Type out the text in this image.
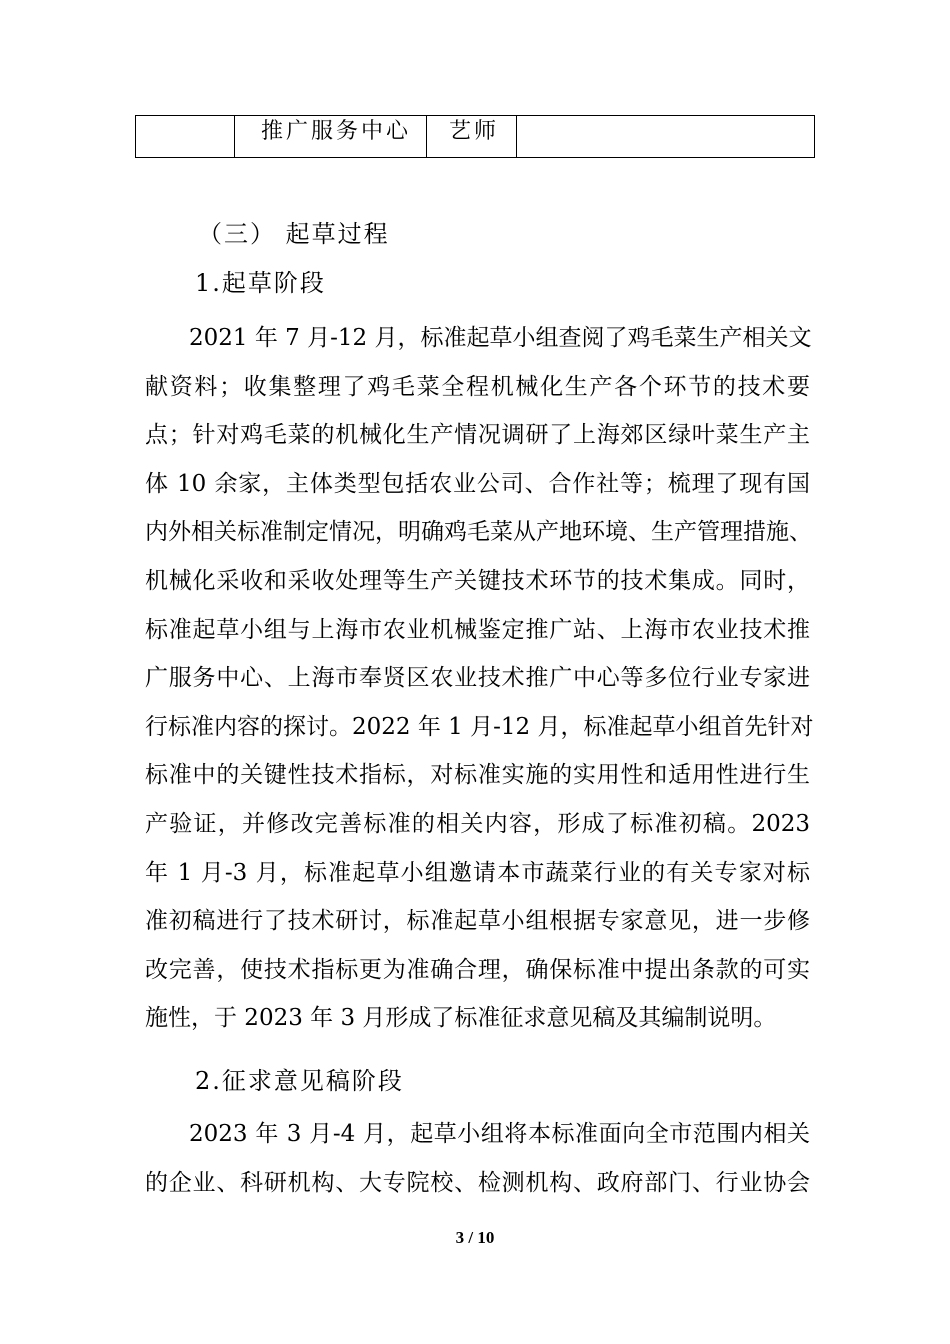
	推广服务中心	艺师	
（三） 起草过程
1.起草阶段
2021 年 7 月-12 月，标准起草小组查阅了鸡毛菜生产相关文
献资料；收集整理了鸡毛菜全程机械化生产各个环节的技术要
点；针对鸡毛菜的机械化生产情况调研了上海郊区绿叶菜生产主
体 10 余家，主体类型包括农业公司、合作社等；梳理了现有国
内外相关标准制定情况，明确鸡毛菜从产地环境、生产管理措施、
机械化采收和采收处理等生产关键技术环节的技术集成。同时，
标准起草小组与上海市农业机械鉴定推广站、上海市农业技术推
广服务中心、上海市奉贤区农业技术推广中心等多位行业专家进
行标准内容的探讨。2022 年 1 月-12 月，标准起草小组首先针对
标准中的关键性技术指标，对标准实施的实用性和适用性进行生
产验证，并修改完善标准的相关内容，形成了标准初稿。2023
年 1 月-3 月，标准起草小组邀请本市蔬菜行业的有关专家对标
准初稿进行了技术研讨，标准起草小组根据专家意见，进一步修
改完善，使技术指标更为准确合理，确保标准中提出条款的可实
施性，于 2023 年 3 月形成了标准征求意见稿及其编制说明。
2.征求意见稿阶段
2023 年 3 月-4 月，起草小组将本标准面向全市范围内相关
的企业、科研机构、大专院校、检测机构、政府部门、行业协会
3 / 10
